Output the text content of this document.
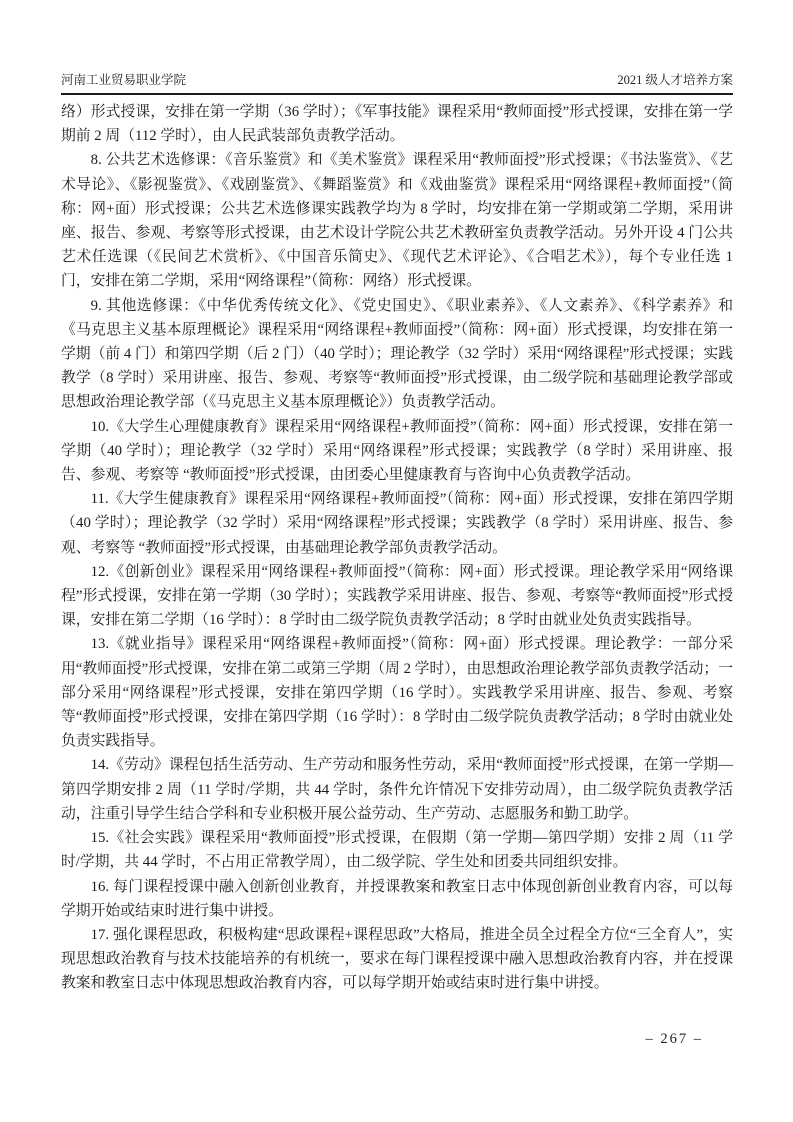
河南工业贸易职业学院	2021 级人才培养方案

络）形式授课，安排在第一学期（36 学时）；《军事技能》课程采用“教师面授”形式授课，安排在第一学期前 2 周（112 学时），由人民武装部负责教学活动。

8. 公共艺术选修课：《音乐鉴赏》和《美术鉴赏》课程采用“教师面授”形式授课；《书法鉴赏》、《艺术导论》、《影视鉴赏》、《戏剧鉴赏》、《舞蹈鉴赏》和《戏曲鉴赏》课程采用“网络课程+教师面授”（简称：网+面）形式授课；公共艺术选修课实践教学均为 8 学时，均安排在第一学期或第二学期，采用讲座、报告、参观、考察等形式授课，由艺术设计学院公共艺术教研室负责教学活动。另外开设 4 门公共艺术任选课（《民间艺术赏析》、《中国音乐简史》、《现代艺术评论》、《合唱艺术》），每个专业任选 1 门，安排在第二学期，采用“网络课程”（简称：网络）形式授课。

9. 其他选修课：《中华优秀传统文化》、《党史国史》、《职业素养》、《人文素养》、《科学素养》和《马克思主义基本原理概论》课程采用“网络课程+教师面授”（简称：网+面）形式授课，均安排在第一学期（前 4 门）和第四学期（后 2 门）（40 学时）；理论教学（32 学时）采用“网络课程”形式授课；实践教学（8 学时）采用讲座、报告、参观、考察等“教师面授”形式授课，由二级学院和基础理论教学部或思想政治理论教学部（《马克思主义基本原理概论》）负责教学活动。

10.《大学生心理健康教育》课程采用“网络课程+教师面授”（简称：网+面）形式授课，安排在第一学期（40 学时）；理论教学（32 学时）采用“网络课程”形式授课；实践教学（8 学时）采用讲座、报告、参观、考察等 “教师面授”形式授课，由团委心里健康教育与咨询中心负责教学活动。

11.《大学生健康教育》课程采用“网络课程+教师面授”（简称：网+面）形式授课，安排在第四学期（40 学时）；理论教学（32 学时）采用“网络课程”形式授课；实践教学（8 学时）采用讲座、报告、参观、考察等 “教师面授”形式授课，由基础理论教学部负责教学活动。

12.《创新创业》课程采用“网络课程+教师面授”（简称：网+面）形式授课。理论教学采用“网络课程”形式授课，安排在第一学期（30 学时）；实践教学采用讲座、报告、参观、考察等“教师面授”形式授课，安排在第二学期（16 学时）：8 学时由二级学院负责教学活动；8 学时由就业处负责实践指导。

13.《就业指导》课程采用“网络课程+教师面授”（简称：网+面）形式授课。理论教学：一部分采用“教师面授”形式授课，安排在第二或第三学期（周 2 学时），由思想政治理论教学部负责教学活动；一部分采用“网络课程”形式授课，安排在第四学期（16 学时）。实践教学采用讲座、报告、参观、考察等“教师面授”形式授课，安排在第四学期（16 学时）：8 学时由二级学院负责教学活动；8 学时由就业处负责实践指导。

14.《劳动》课程包括生活劳动、生产劳动和服务性劳动，采用“教师面授”形式授课，在第一学期—第四学期安排 2 周（11 学时/学期，共 44 学时，条件允许情况下安排劳动周），由二级学院负责教学活动，注重引导学生结合学科和专业积极开展公益劳动、生产劳动、志愿服务和勤工助学。

15.《社会实践》课程采用“教师面授”形式授课，在假期（第一学期—第四学期）安排 2 周（11 学时/学期，共 44 学时，不占用正常教学周），由二级学院、学生处和团委共同组织安排。

16. 每门课程授课中融入创新创业教育，并授课教案和教室日志中体现创新创业教育内容，可以每学期开始或结束时进行集中讲授。

17. 强化课程思政，积极构建“思政课程+课程思政”大格局，推进全员全过程全方位“三全育人”，实现思想政治教育与技术技能培养的有机统一，要求在每门课程授课中融入思想政治教育内容，并在授课教案和教室日志中体现思想政治教育内容，可以每学期开始或结束时进行集中讲授。

– 267 –
